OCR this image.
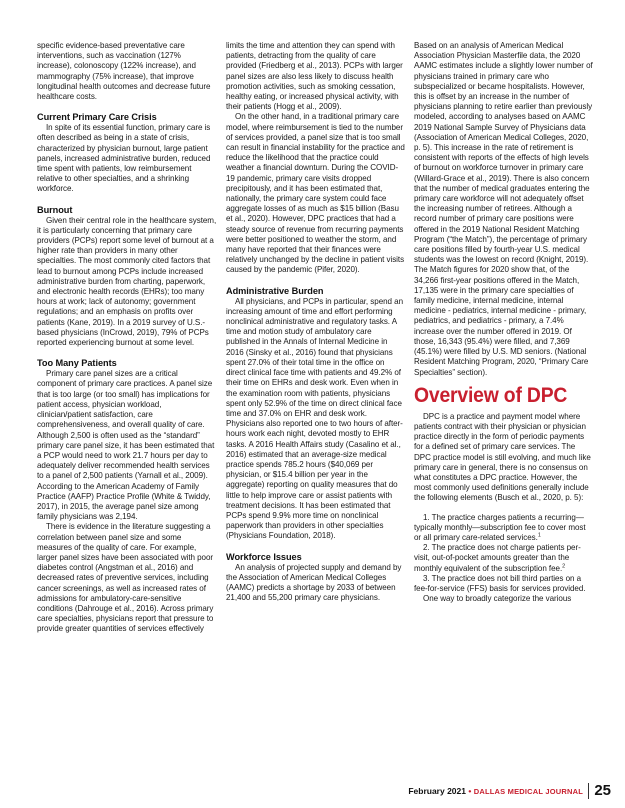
specific evidence-based preventative care interventions, such as vaccination (127% increase), colonoscopy (122% increase), and mammography (75% increase), that improve longitudinal health outcomes and decrease future healthcare costs.

Current Primary Care Crisis

In spite of its essential function, primary care is often described as being in a state of crisis, characterized by physician burnout, large patient panels, increased administrative burden, reduced time spent with patients, low reimbursement relative to other specialties, and a shrinking workforce.

Burnout

Given their central role in the healthcare system, it is particularly concerning that primary care providers (PCPs) report some level of burnout at a higher rate than providers in many other specialties. The most commonly cited factors that lead to burnout among PCPs include increased administrative burden from charting, paperwork, and electronic health records (EHRs); too many hours at work; lack of autonomy; government regulations; and an emphasis on profits over patients (Kane, 2019). In a 2019 survey of U.S.-based physicians (InCrowd, 2019), 79% of PCPs reported experiencing burnout at some level.

Too Many Patients

Primary care panel sizes are a critical component of primary care practices. A panel size that is too large (or too small) has implications for patient access, physician workload, clinician/patient satisfaction, care comprehensiveness, and overall quality of care. Although 2,500 is often used as the “standard” primary care panel size, it has been estimated that a PCP would need to work 21.7 hours per day to adequately deliver recommended health services to a panel of 2,500 patients (Yarnall et al., 2009). According to the American Academy of Family Practice (AAFP) Practice Profile (White & Twiddy, 2017), in 2015, the average panel size among family physicians was 2,194.

There is evidence in the literature suggesting a correlation between panel size and some measures of the quality of care. For example, larger panel sizes have been associated with poor diabetes control (Angstman et al., 2016) and decreased rates of preventive services, including cancer screenings, as well as increased rates of admissions for ambulatory-care-sensitive conditions (Dahrouge et al., 2016). Across primary care specialties, physicians report that pressure to provide greater quantities of services effectively

limits the time and attention they can spend with patients, detracting from the quality of care provided (Friedberg et al., 2013). PCPs with larger panel sizes are also less likely to discuss health promotion activities, such as smoking cessation, healthy eating, or increased physical activity, with their patients (Hogg et al., 2009).

On the other hand, in a traditional primary care model, where reimbursement is tied to the number of services provided, a panel size that is too small can result in financial instability for the practice and reduce the likelihood that the practice could weather a financial downturn. During the COVID-19 pandemic, primary care visits dropped precipitously, and it has been estimated that, nationally, the primary care system could face aggregate losses of as much as $15 billion (Basu et al., 2020). However, DPC practices that had a steady source of revenue from recurring payments were better positioned to weather the storm, and many have reported that their finances were relatively unchanged by the decline in patient visits caused by the pandemic (Pifer, 2020).

Administrative Burden

All physicians, and PCPs in particular, spend an increasing amount of time and effort performing nonclinical administrative and regulatory tasks. A time and motion study of ambulatory care published in the Annals of Internal Medicine in 2016 (Sinsky et al., 2016) found that physicians spent 27.0% of their total time in the office on direct clinical face time with patients and 49.2% of their time on EHRs and desk work. Even when in the examination room with patients, physicians spent only 52.9% of the time on direct clinical face time and 37.0% on EHR and desk work. Physicians also reported one to two hours of after-hours work each night, devoted mostly to EHR tasks. A 2016 Health Affairs study (Casalino et al., 2016) estimated that an average-size medical practice spends 785.2 hours ($40,069 per physician, or $15.4 billion per year in the aggregate) reporting on quality measures that do little to help improve care or assist patients with treatment decisions. It has been estimated that PCPs spend 9.9% more time on nonclinical paperwork than providers in other specialties (Physicians Foundation, 2018).

Workforce Issues

An analysis of projected supply and demand by the Association of American Medical Colleges (AAMC) predicts a shortage by 2033 of between 21,400 and 55,200 primary care physicians.

Based on an analysis of American Medical Association Physician Masterfile data, the 2020 AAMC estimates include a slightly lower number of physicians trained in primary care who subspecialized or became hospitalists. However, this is offset by an increase in the number of physicians planning to retire earlier than previously modeled, according to analyses based on AAMC 2019 National Sample Survey of Physicians data (Association of American Medical Colleges, 2020, p. 5). This increase in the rate of retirement is consistent with reports of the effects of high levels of burnout on workforce turnover in primary care (Willard-Grace et al., 2019). There is also concern that the number of medical graduates entering the primary care workforce will not adequately offset the increasing number of retirees. Although a record number of primary care positions were offered in the 2019 National Resident Matching Program (“the Match”), the percentage of primary care positions filled by fourth-year U.S. medical students was the lowest on record (Knight, 2019). The Match figures for 2020 show that, of the 34,266 first-year positions offered in the Match, 17,135 were in the primary care specialties of family medicine, internal medicine, internal medicine - pediatrics, internal medicine - primary, pediatrics, and pediatrics - primary, a 7.4% increase over the number offered in 2019. Of those, 16,343 (95.4%) were filled, and 7,369 (45.1%) were filled by U.S. MD seniors. (National Resident Matching Program, 2020, “Primary Care Specialties” section).

Overview of DPC

DPC is a practice and payment model where patients contract with their physician or physician practice directly in the form of periodic payments for a defined set of primary care services. The DPC practice model is still evolving, and much like primary care in general, there is no consensus on what constitutes a DPC practice. However, the most commonly used definitions generally include the following elements (Busch et al., 2020, p. 5):

1. The practice charges patients a recurring—typically monthly—subscription fee to cover most or all primary care-related services.$^1$

2. The practice does not charge patients per-visit, out-of-pocket amounts greater than the monthly equivalent of the subscription fee.$^2$

3. The practice does not bill third parties on a fee-for-service (FFS) basis for services provided.

One way to broadly categorize the various

February 2021 • DALLAS MEDICAL JOURNAL 25
